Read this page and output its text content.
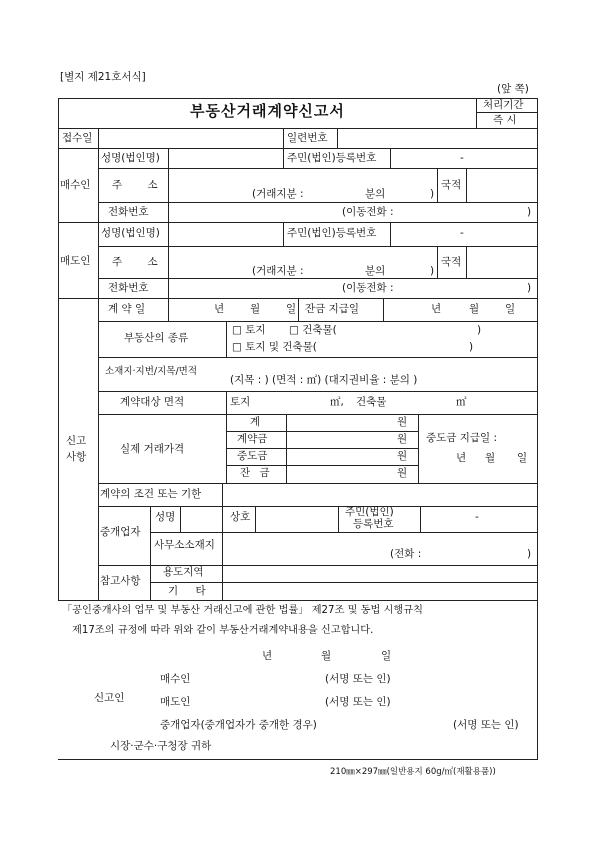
[별지 제21호서식]
(앞 쪽)
부동산거래계약신고서	처리기간
즉 시
접수일	일련번호
매수인
성명(법인명)	주민(법인)등록번호	-
주 소
(거래지분 :	분의	)
국적
전화번호	(이동전화 :	)
매도인
성명(법인명)	주민(법인)등록번호	-
주 소
(거래지분 :	분의	)
국적
전화번호	(이동전화 :	)
신고
사항
계 약 일	년 월 일 잔금 지급일	년	월 일
부동산의 종류
□ 토지 □ 건축물(	)
□ 토지 및 건축물(	)
소재지·지번/지목/면적
(지목 : ) (면적 : ㎡) (대지권비율 : 분의 )
계약대상 면적	토지	㎡, 건축물	㎡
실제 거래가격
계	원
계약금	원
중도금	원
잔 금	원
중도금 지급일 :
년 월 일
계약의 조건 또는 기한
중개업자
성명	상호	주민(법인)
등록번호
-
사무소소재지
(전화 :	)
참고사항
용도지역
기 타
「공인중개사의 업무 및 부동산 거래신고에 관한 법률」 제27조 및 동법 시행규칙
제17조의 규정에 따라 위와 같이 부동산거래계약내용을 신고합니다.
년	월	일
신고인
매수인	(서명 또는 인)
매도인	(서명 또는 인)
중개업자(중개업자가 중개한 경우)	(서명 또는 인)
시장·군수·구청장 귀하
210㎜×297㎜(일반용지 60g/㎡(재활용품))
